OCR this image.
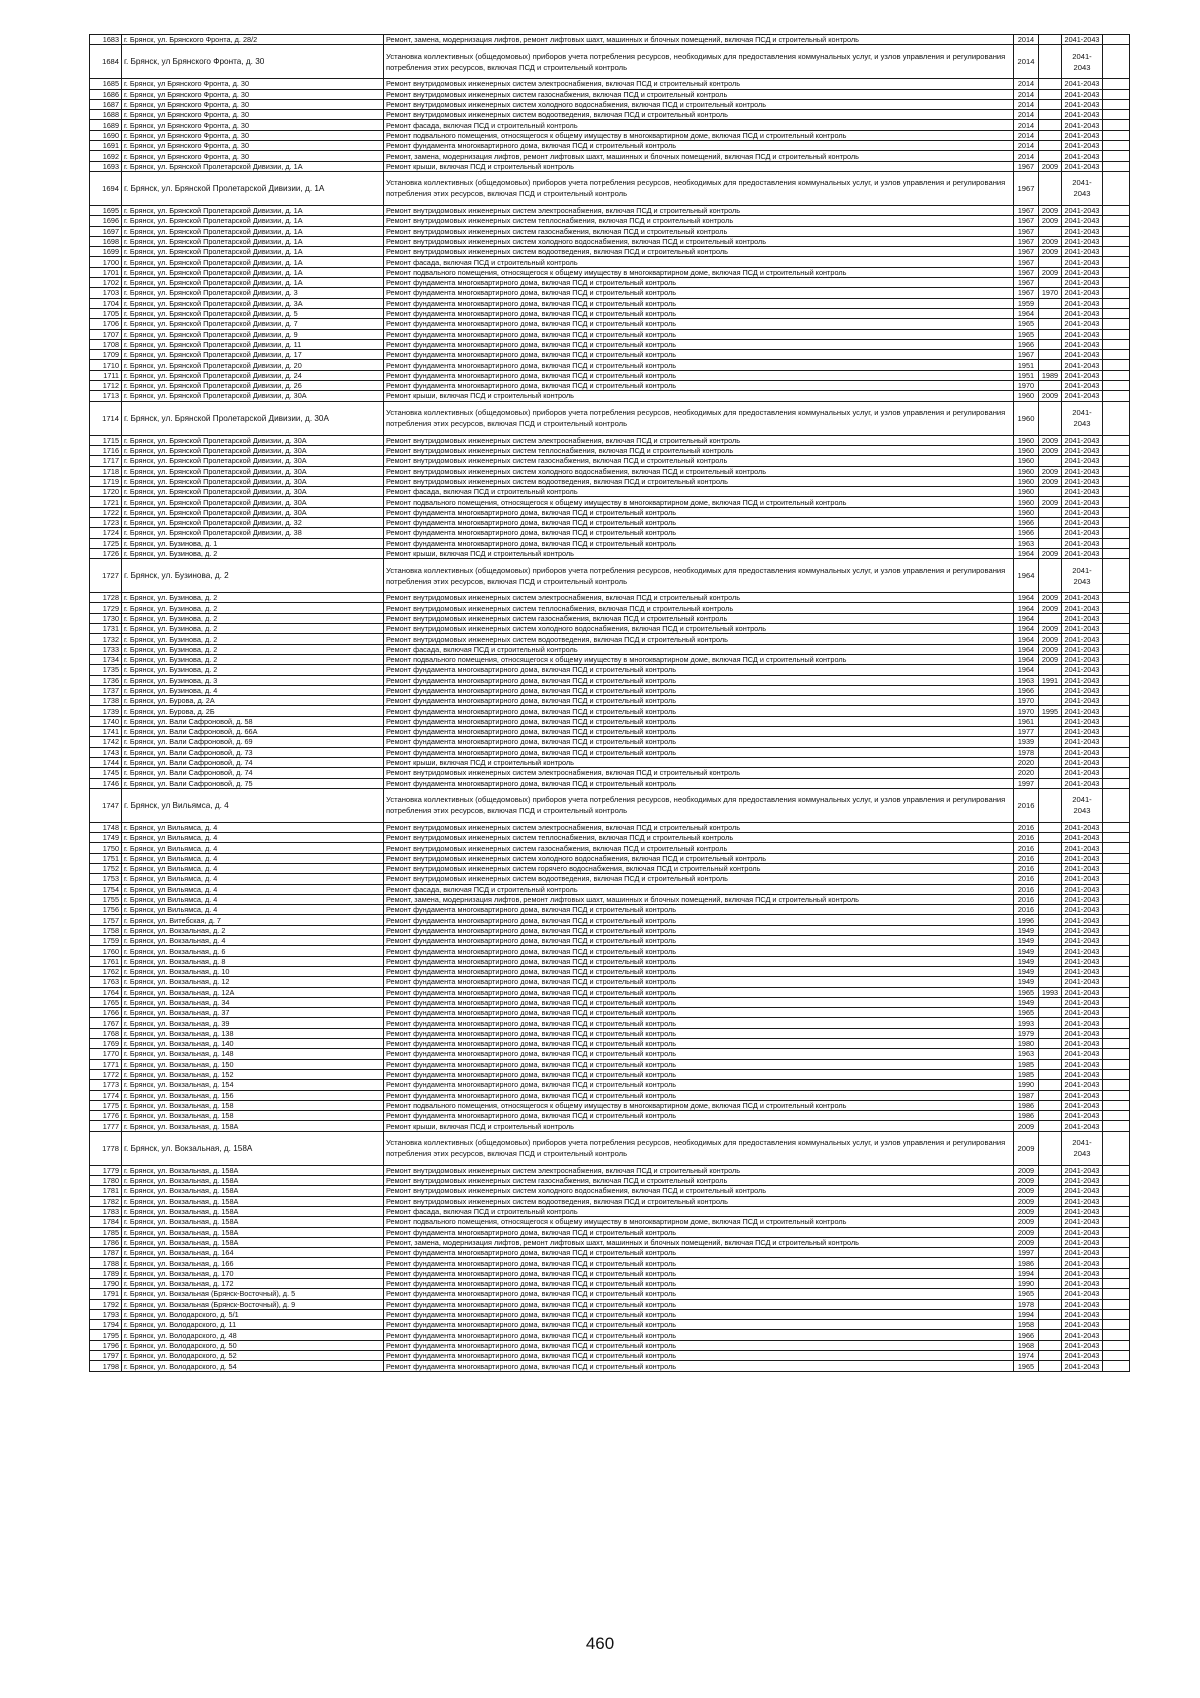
1683	г. Брянск, ул. Брянского Фронта, д. 28/2	Ремонт, замена, модернизация лифтов, ремонт лифтовых шахт, машинных и блочных помещений, включая ПСД и строительный контроль	2014		2041-2043	
1684	г. Брянск, ул Брянского Фронта, д. 30	Установка коллективных (общедомовых) приборов учета потребления ресурсов, необходимых для предоставления коммунальных услуг, и узлов управления и регулирования потребления этих ресурсов, включая ПСД и строительный контроль	2014		2041-2043	
1685	г. Брянск, ул Брянского Фронта, д. 30	Ремонт внутридомовых инженерных систем электроснабжения, включая ПСД и строительный контроль	2014		2041-2043	
1686	г. Брянск, ул Брянского Фронта, д. 30	Ремонт внутридомовых инженерных систем газоснабжения, включая ПСД и строительный контроль	2014		2041-2043	
1687	г. Брянск, ул Брянского Фронта, д. 30	Ремонт внутридомовых инженерных систем холодного водоснабжения, включая ПСД и строительный контроль	2014		2041-2043	
1688	г. Брянск, ул Брянского Фронта, д. 30	Ремонт внутридомовых инженерных систем водоотведения, включая ПСД и строительный контроль	2014		2041-2043	
1689	г. Брянск, ул Брянского Фронта, д. 30	Ремонт фасада, включая ПСД и строительный контроль	2014		2041-2043	
1690	г. Брянск, ул Брянского Фронта, д. 30	Ремонт подвального помещения, относящегося к общему имуществу в многоквартирном доме, включая ПСД и строительный контроль	2014		2041-2043	
1691	г. Брянск, ул Брянского Фронта, д. 30	Ремонт фундамента многоквартирного дома, включая ПСД и строительный контроль	2014		2041-2043	
1692	г. Брянск, ул Брянского Фронта, д. 30	Ремонт, замена, модернизация лифтов, ремонт лифтовых шахт, машинных и блочных помещений, включая ПСД и строительный контроль	2014		2041-2043	
1693	г. Брянск, ул. Брянской Пролетарской Дивизии, д. 1А	Ремонт крыши, включая ПСД и строительный контроль	1967	2009	2041-2043	
1694	г. Брянск, ул. Брянской Пролетарской Дивизии, д. 1А	Установка коллективных (общедомовых) приборов учета потребления ресурсов, необходимых для предоставления коммунальных услуг, и узлов управления и регулирования потребления этих ресурсов, включая ПСД и строительный контроль	1967		2041-2043	
1695	г. Брянск, ул. Брянской Пролетарской Дивизии, д. 1А	Ремонт внутридомовых инженерных систем электроснабжения, включая ПСД и строительный контроль	1967	2009	2041-2043	
1696	г. Брянск, ул. Брянской Пролетарской Дивизии, д. 1А	Ремонт внутридомовых инженерных систем теплоснабжения, включая ПСД и строительный контроль	1967	2009	2041-2043	
1697	г. Брянск, ул. Брянской Пролетарской Дивизии, д. 1А	Ремонт внутридомовых инженерных систем газоснабжения, включая ПСД и строительный контроль	1967		2041-2043	
1698	г. Брянск, ул. Брянской Пролетарской Дивизии, д. 1А	Ремонт внутридомовых инженерных систем холодного водоснабжения, включая ПСД и строительный контроль	1967	2009	2041-2043	
1699	г. Брянск, ул. Брянской Пролетарской Дивизии, д. 1А	Ремонт внутридомовых инженерных систем водоотведения, включая ПСД и строительный контроль	1967	2009	2041-2043	
1700	г. Брянск, ул. Брянской Пролетарской Дивизии, д. 1А	Ремонт фасада, включая ПСД и строительный контроль	1967		2041-2043	
1701	г. Брянск, ул. Брянской Пролетарской Дивизии, д. 1А	Ремонт подвального помещения, относящегося к общему имуществу в многоквартирном доме, включая ПСД и строительный контроль	1967	2009	2041-2043	
1702	г. Брянск, ул. Брянской Пролетарской Дивизии, д. 1А	Ремонт фундамента многоквартирного дома, включая ПСД и строительный контроль	1967		2041-2043	
1703	г. Брянск, ул. Брянской Пролетарской Дивизии, д. 3	Ремонт фундамента многоквартирного дома, включая ПСД и строительный контроль	1967	1970	2041-2043	
1704	г. Брянск, ул. Брянской Пролетарской Дивизии, д. 3А	Ремонт фундамента многоквартирного дома, включая ПСД и строительный контроль	1959		2041-2043	
1705	г. Брянск, ул. Брянской Пролетарской Дивизии, д. 5	Ремонт фундамента многоквартирного дома, включая ПСД и строительный контроль	1964		2041-2043	
1706	г. Брянск, ул. Брянской Пролетарской Дивизии, д. 7	Ремонт фундамента многоквартирного дома, включая ПСД и строительный контроль	1965		2041-2043	
1707	г. Брянск, ул. Брянской Пролетарской Дивизии, д. 9	Ремонт фундамента многоквартирного дома, включая ПСД и строительный контроль	1965		2041-2043	
1708	г. Брянск, ул. Брянской Пролетарской Дивизии, д. 11	Ремонт фундамента многоквартирного дома, включая ПСД и строительный контроль	1966		2041-2043	
1709	г. Брянск, ул. Брянской Пролетарской Дивизии, д. 17	Ремонт фундамента многоквартирного дома, включая ПСД и строительный контроль	1967		2041-2043	
1710	г. Брянск, ул. Брянской Пролетарской Дивизии, д. 20	Ремонт фундамента многоквартирного дома, включая ПСД и строительный контроль	1951		2041-2043	
1711	г. Брянск, ул. Брянской Пролетарской Дивизии, д. 24	Ремонт фундамента многоквартирного дома, включая ПСД и строительный контроль	1951	1989	2041-2043	
1712	г. Брянск, ул. Брянской Пролетарской Дивизии, д. 26	Ремонт фундамента многоквартирного дома, включая ПСД и строительный контроль	1970		2041-2043	
1713	г. Брянск, ул. Брянской Пролетарской Дивизии, д. 30А	Ремонт крыши, включая ПСД и строительный контроль	1960	2009	2041-2043	
1714	г. Брянск, ул. Брянской Пролетарской Дивизии, д. 30А	Установка коллективных (общедомовых) приборов учета потребления ресурсов, необходимых для предоставления коммунальных услуг, и узлов управления и регулирования потребления этих ресурсов, включая ПСД и строительный контроль	1960		2041-2043	
1715	г. Брянск, ул. Брянской Пролетарской Дивизии, д. 30А	Ремонт внутридомовых инженерных систем электроснабжения, включая ПСД и строительный контроль	1960	2009	2041-2043	
1716	г. Брянск, ул. Брянской Пролетарской Дивизии, д. 30А	Ремонт внутридомовых инженерных систем теплоснабжения, включая ПСД и строительный контроль	1960	2009	2041-2043	
1717	г. Брянск, ул. Брянской Пролетарской Дивизии, д. 30А	Ремонт внутридомовых инженерных систем газоснабжения, включая ПСД и строительный контроль	1960		2041-2043	
1718	г. Брянск, ул. Брянской Пролетарской Дивизии, д. 30А	Ремонт внутридомовых инженерных систем холодного водоснабжения, включая ПСД и строительный контроль	1960	2009	2041-2043	
1719	г. Брянск, ул. Брянской Пролетарской Дивизии, д. 30А	Ремонт внутридомовых инженерных систем водоотведения, включая ПСД и строительный контроль	1960	2009	2041-2043	
1720	г. Брянск, ул. Брянской Пролетарской Дивизии, д. 30А	Ремонт фасада, включая ПСД и строительный контроль	1960		2041-2043	
1721	г. Брянск, ул. Брянской Пролетарской Дивизии, д. 30А	Ремонт подвального помещения, относящегося к общему имуществу в многоквартирном доме, включая ПСД и строительный контроль	1960	2009	2041-2043	
1722	г. Брянск, ул. Брянской Пролетарской Дивизии, д. 30А	Ремонт фундамента многоквартирного дома, включая ПСД и строительный контроль	1960		2041-2043	
1723	г. Брянск, ул. Брянской Пролетарской Дивизии, д. 32	Ремонт фундамента многоквартирного дома, включая ПСД и строительный контроль	1966		2041-2043	
1724	г. Брянск, ул. Брянской Пролетарской Дивизии, д. 38	Ремонт фундамента многоквартирного дома, включая ПСД и строительный контроль	1966		2041-2043	
1725	г. Брянск, ул. Бузинова, д. 1	Ремонт фундамента многоквартирного дома, включая ПСД и строительный контроль	1963		2041-2043	
1726	г. Брянск, ул. Бузинова, д. 2	Ремонт крыши, включая ПСД и строительный контроль	1964	2009	2041-2043	
1727	г. Брянск, ул. Бузинова, д. 2	Установка коллективных (общедомовых) приборов учета потребления ресурсов, необходимых для предоставления коммунальных услуг, и узлов управления и регулирования потребления этих ресурсов, включая ПСД и строительный контроль	1964		2041-2043	
1728	г. Брянск, ул. Бузинова, д. 2	Ремонт внутридомовых инженерных систем электроснабжения, включая ПСД и строительный контроль	1964	2009	2041-2043	
1729	г. Брянск, ул. Бузинова, д. 2	Ремонт внутридомовых инженерных систем теплоснабжения, включая ПСД и строительный контроль	1964	2009	2041-2043	
1730	г. Брянск, ул. Бузинова, д. 2	Ремонт внутридомовых инженерных систем газоснабжения, включая ПСД и строительный контроль	1964		2041-2043	
1731	г. Брянск, ул. Бузинова, д. 2	Ремонт внутридомовых инженерных систем холодного водоснабжения, включая ПСД и строительный контроль	1964	2009	2041-2043	
1732	г. Брянск, ул. Бузинова, д. 2	Ремонт внутридомовых инженерных систем водоотведения, включая ПСД и строительный контроль	1964	2009	2041-2043	
1733	г. Брянск, ул. Бузинова, д. 2	Ремонт фасада, включая ПСД и строительный контроль	1964	2009	2041-2043	
1734	г. Брянск, ул. Бузинова, д. 2	Ремонт подвального помещения, относящегося к общему имуществу в многоквартирном доме, включая ПСД и строительный контроль	1964	2009	2041-2043	
1735	г. Брянск, ул. Бузинова, д. 2	Ремонт фундамента многоквартирного дома, включая ПСД и строительный контроль	1964		2041-2043	
1736	г. Брянск, ул. Бузинова, д. 3	Ремонт фундамента многоквартирного дома, включая ПСД и строительный контроль	1963	1991	2041-2043	
1737	г. Брянск, ул. Бузинова, д. 4	Ремонт фундамента многоквартирного дома, включая ПСД и строительный контроль	1966		2041-2043	
1738	г. Брянск, ул. Бурова, д. 2А	Ремонт фундамента многоквартирного дома, включая ПСД и строительный контроль	1970		2041-2043	
1739	г. Брянск, ул. Бурова, д. 2Б	Ремонт фундамента многоквартирного дома, включая ПСД и строительный контроль	1970	1995	2041-2043	
1740	г. Брянск, ул. Вали Сафроновой, д. 58	Ремонт фундамента многоквартирного дома, включая ПСД и строительный контроль	1961		2041-2043	
1741	г. Брянск, ул. Вали Сафроновой, д. 66А	Ремонт фундамента многоквартирного дома, включая ПСД и строительный контроль	1977		2041-2043	
1742	г. Брянск, ул. Вали Сафроновой, д. 69	Ремонт фундамента многоквартирного дома, включая ПСД и строительный контроль	1939		2041-2043	
1743	г. Брянск, ул. Вали Сафроновой, д. 73	Ремонт фундамента многоквартирного дома, включая ПСД и строительный контроль	1978		2041-2043	
1744	г. Брянск, ул. Вали Сафроновой, д. 74	Ремонт крыши, включая ПСД и строительный контроль	2020		2041-2043	
1745	г. Брянск, ул. Вали Сафроновой, д. 74	Ремонт внутридомовых инженерных систем электроснабжения, включая ПСД и строительный контроль	2020		2041-2043	
1746	г. Брянск, ул. Вали Сафроновой, д. 75	Ремонт фундамента многоквартирного дома, включая ПСД и строительный контроль	1997		2041-2043	
1747	г. Брянск, ул Вильямса, д. 4	Установка коллективных (общедомовых) приборов учета потребления ресурсов, необходимых для предоставления коммунальных услуг, и узлов управления и регулирования потребления этих ресурсов, включая ПСД и строительный контроль	2016		2041-2043	
1748	г. Брянск, ул Вильямса, д. 4	Ремонт внутридомовых инженерных систем электроснабжения, включая ПСД и строительный контроль	2016		2041-2043	
1749	г. Брянск, ул Вильямса, д. 4	Ремонт внутридомовых инженерных систем теплоснабжения, включая ПСД и строительный контроль	2016		2041-2043	
1750	г. Брянск, ул Вильямса, д. 4	Ремонт внутридомовых инженерных систем газоснабжения, включая ПСД и строительный контроль	2016		2041-2043	
1751	г. Брянск, ул Вильямса, д. 4	Ремонт внутридомовых инженерных систем холодного водоснабжения, включая ПСД и строительный контроль	2016		2041-2043	
1752	г. Брянск, ул Вильямса, д. 4	Ремонт внутридомовых инженерных систем горячего водоснабжения, включая ПСД и строительный контроль	2016		2041-2043	
1753	г. Брянск, ул Вильямса, д. 4	Ремонт внутридомовых инженерных систем водоотведения, включая ПСД и строительный контроль	2016		2041-2043	
1754	г. Брянск, ул Вильямса, д. 4	Ремонт фасада, включая ПСД и строительный контроль	2016		2041-2043	
1755	г. Брянск, ул Вильямса, д. 4	Ремонт, замена, модернизация лифтов, ремонт лифтовых шахт, машинных и блочных помещений, включая ПСД и строительный контроль	2016		2041-2043	
1756	г. Брянск, ул Вильямса, д. 4	Ремонт фундамента многоквартирного дома, включая ПСД и строительный контроль	2016		2041-2043	
1757	г. Брянск, ул. Витебская, д. 7	Ремонт фундамента многоквартирного дома, включая ПСД и строительный контроль	1996		2041-2043	
1758	г. Брянск, ул. Вокзальная, д. 2	Ремонт фундамента многоквартирного дома, включая ПСД и строительный контроль	1949		2041-2043	
1759	г. Брянск, ул. Вокзальная, д. 4	Ремонт фундамента многоквартирного дома, включая ПСД и строительный контроль	1949		2041-2043	
1760	г. Брянск, ул. Вокзальная, д. 6	Ремонт фундамента многоквартирного дома, включая ПСД и строительный контроль	1949		2041-2043	
1761	г. Брянск, ул. Вокзальная, д. 8	Ремонт фундамента многоквартирного дома, включая ПСД и строительный контроль	1949		2041-2043	
1762	г. Брянск, ул. Вокзальная, д. 10	Ремонт фундамента многоквартирного дома, включая ПСД и строительный контроль	1949		2041-2043	
1763	г. Брянск, ул. Вокзальная, д. 12	Ремонт фундамента многоквартирного дома, включая ПСД и строительный контроль	1949		2041-2043	
1764	г. Брянск, ул. Вокзальная, д. 12А	Ремонт фундамента многоквартирного дома, включая ПСД и строительный контроль	1965	1993	2041-2043	
1765	г. Брянск, ул. Вокзальная, д. 34	Ремонт фундамента многоквартирного дома, включая ПСД и строительный контроль	1949		2041-2043	
1766	г. Брянск, ул. Вокзальная, д. 37	Ремонт фундамента многоквартирного дома, включая ПСД и строительный контроль	1965		2041-2043	
1767	г. Брянск, ул. Вокзальная, д. 39	Ремонт фундамента многоквартирного дома, включая ПСД и строительный контроль	1993		2041-2043	
1768	г. Брянск, ул. Вокзальная, д. 138	Ремонт фундамента многоквартирного дома, включая ПСД и строительный контроль	1979		2041-2043	
1769	г. Брянск, ул. Вокзальная, д. 140	Ремонт фундамента многоквартирного дома, включая ПСД и строительный контроль	1980		2041-2043	
1770	г. Брянск, ул. Вокзальная, д. 148	Ремонт фундамента многоквартирного дома, включая ПСД и строительный контроль	1963		2041-2043	
1771	г. Брянск, ул. Вокзальная, д. 150	Ремонт фундамента многоквартирного дома, включая ПСД и строительный контроль	1985		2041-2043	
1772	г. Брянск, ул. Вокзальная, д. 152	Ремонт фундамента многоквартирного дома, включая ПСД и строительный контроль	1985		2041-2043	
1773	г. Брянск, ул. Вокзальная, д. 154	Ремонт фундамента многоквартирного дома, включая ПСД и строительный контроль	1990		2041-2043	
1774	г. Брянск, ул. Вокзальная, д. 156	Ремонт фундамента многоквартирного дома, включая ПСД и строительный контроль	1987		2041-2043	
1775	г. Брянск, ул. Вокзальная, д. 158	Ремонт подвального помещения, относящегося к общему имуществу в многоквартирном доме, включая ПСД и строительный контроль	1986		2041-2043	
1776	г. Брянск, ул. Вокзальная, д. 158	Ремонт фундамента многоквартирного дома, включая ПСД и строительный контроль	1986		2041-2043	
1777	г. Брянск, ул. Вокзальная, д. 158А	Ремонт крыши, включая ПСД и строительный контроль	2009		2041-2043	
1778	г. Брянск, ул. Вокзальная, д. 158А	Установка коллективных (общедомовых) приборов учета потребления ресурсов, необходимых для предоставления коммунальных услуг, и узлов управления и регулирования потребления этих ресурсов, включая ПСД и строительный контроль	2009		2041-2043	
1779	г. Брянск, ул. Вокзальная, д. 158А	Ремонт внутридомовых инженерных систем электроснабжения, включая ПСД и строительный контроль	2009		2041-2043	
1780	г. Брянск, ул. Вокзальная, д. 158А	Ремонт внутридомовых инженерных систем газоснабжения, включая ПСД и строительный контроль	2009		2041-2043	
1781	г. Брянск, ул. Вокзальная, д. 158А	Ремонт внутридомовых инженерных систем холодного водоснабжения, включая ПСД и строительный контроль	2009		2041-2043	
1782	г. Брянск, ул. Вокзальная, д. 158А	Ремонт внутридомовых инженерных систем водоотведения, включая ПСД и строительный контроль	2009		2041-2043	
1783	г. Брянск, ул. Вокзальная, д. 158А	Ремонт фасада, включая ПСД и строительный контроль	2009		2041-2043	
1784	г. Брянск, ул. Вокзальная, д. 158А	Ремонт подвального помещения, относящегося к общему имуществу в многоквартирном доме, включая ПСД и строительный контроль	2009		2041-2043	
1785	г. Брянск, ул. Вокзальная, д. 158А	Ремонт фундамента многоквартирного дома, включая ПСД и строительный контроль	2009		2041-2043	
1786	г. Брянск, ул. Вокзальная, д. 158А	Ремонт, замена, модернизация лифтов, ремонт лифтовых шахт, машинных и блочных помещений, включая ПСД и строительный контроль	2009		2041-2043	
1787	г. Брянск, ул. Вокзальная, д. 164	Ремонт фундамента многоквартирного дома, включая ПСД и строительный контроль	1997		2041-2043	
1788	г. Брянск, ул. Вокзальная, д. 166	Ремонт фундамента многоквартирного дома, включая ПСД и строительный контроль	1986		2041-2043	
1789	г. Брянск, ул. Вокзальная, д. 170	Ремонт фундамента многоквартирного дома, включая ПСД и строительный контроль	1994		2041-2043	
1790	г. Брянск, ул. Вокзальная, д. 172	Ремонт фундамента многоквартирного дома, включая ПСД и строительный контроль	1990		2041-2043	
1791	г. Брянск, ул. Вокзальная (Брянск-Восточный), д. 5	Ремонт фундамента многоквартирного дома, включая ПСД и строительный контроль	1965		2041-2043	
1792	г. Брянск, ул. Вокзальная (Брянск-Восточный), д. 9	Ремонт фундамента многоквартирного дома, включая ПСД и строительный контроль	1978		2041-2043	
1793	г. Брянск, ул. Володарского, д. 5/1	Ремонт фундамента многоквартирного дома, включая ПСД и строительный контроль	1994		2041-2043	
1794	г. Брянск, ул. Володарского, д. 11	Ремонт фундамента многоквартирного дома, включая ПСД и строительный контроль	1958		2041-2043	
1795	г. Брянск, ул. Володарского, д. 48	Ремонт фундамента многоквартирного дома, включая ПСД и строительный контроль	1966		2041-2043	
1796	г. Брянск, ул. Володарского, д. 50	Ремонт фундамента многоквартирного дома, включая ПСД и строительный контроль	1968		2041-2043	
1797	г. Брянск, ул. Володарского, д. 52	Ремонт фундамента многоквартирного дома, включая ПСД и строительный контроль	1974		2041-2043	
1798	г. Брянск, ул. Володарского, д. 54	Ремонт фундамента многоквартирного дома, включая ПСД и строительный контроль	1965		2041-2043	
460
